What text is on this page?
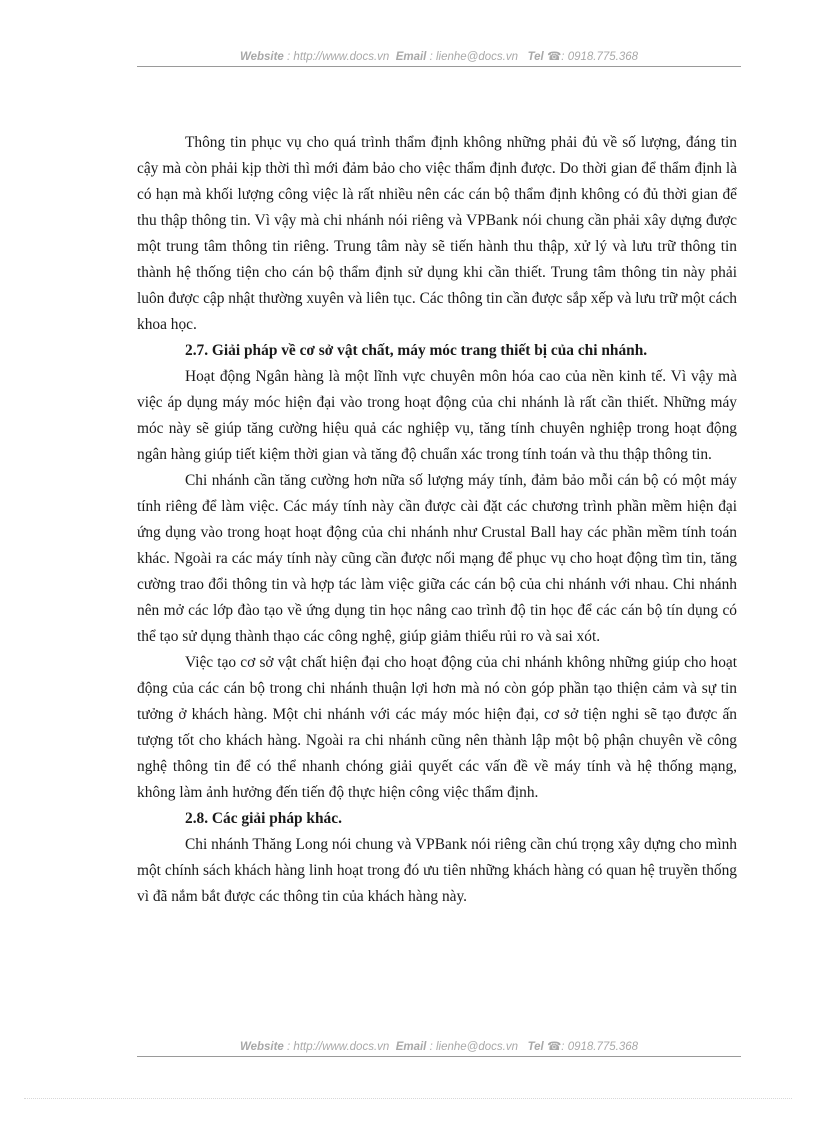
Website : http://www.docs.vn Email : lienhe@docs.vn Tel ☎: 0918.775.368

Thông tin phục vụ cho quá trình thẩm định không những phải đủ về số lượng, đáng tin cậy mà còn phải kịp thời thì mới đảm bảo cho việc thẩm định được. Do thời gian để thẩm định là có hạn mà khối lượng công việc là rất nhiều nên các cán bộ thẩm định không có đủ thời gian để thu thập thông tin. Vì vậy mà chi nhánh nói riêng và VPBank nói chung cần phải xây dựng được một trung tâm thông tin riêng. Trung tâm này sẽ tiến hành thu thập, xử lý và lưu trữ thông tin thành hệ thống tiện cho cán bộ thẩm định sử dụng khi cần thiết. Trung tâm thông tin này phải luôn được cập nhật thường xuyên và liên tục. Các thông tin cần được sắp xếp và lưu trữ một cách khoa học.

2.7. Giải pháp về cơ sở vật chất, máy móc trang thiết bị của chi nhánh.

Hoạt động Ngân hàng là một lĩnh vực chuyên môn hóa cao của nền kinh tế. Vì vậy mà việc áp dụng máy móc hiện đại vào trong hoạt động của chi nhánh là rất cần thiết. Những máy móc này sẽ giúp tăng cường hiệu quả các nghiệp vụ, tăng tính chuyên nghiệp trong hoạt động ngân hàng giúp tiết kiệm thời gian và tăng độ chuẩn xác trong tính toán và thu thập thông tin.

Chi nhánh cần tăng cường hơn nữa số lượng máy tính, đảm bảo mỗi cán bộ có một máy tính riêng để làm việc. Các máy tính này cần được cài đặt các chương trình phần mềm hiện đại ứng dụng vào trong hoạt hoạt động của chi nhánh như Crustal Ball hay các phần mềm tính toán khác. Ngoài ra các máy tính này cũng cần được nối mạng để phục vụ cho hoạt động tìm tin, tăng cường trao đổi thông tin và hợp tác làm việc giữa các cán bộ của chi nhánh với nhau. Chi nhánh nên mở các lớp đào tạo về ứng dụng tin học nâng cao trình độ tin học để các cán bộ tín dụng có thể tạo sử dụng thành thạo các công nghệ, giúp giảm thiểu rủi ro và sai xót.

Việc tạo cơ sở vật chất hiện đại cho hoạt động của chi nhánh không những giúp cho hoạt động của các cán bộ trong chi nhánh thuận lợi hơn mà nó còn góp phần tạo thiện cảm và sự tin tưởng ở khách hàng. Một chi nhánh với các máy móc hiện đại, cơ sở tiện nghi sẽ tạo được ấn tượng tốt cho khách hàng. Ngoài ra chi nhánh cũng nên thành lập một bộ phận chuyên về công nghệ thông tin để có thể nhanh chóng giải quyết các vấn đề về máy tính và hệ thống mạng, không làm ảnh hưởng đến tiến độ thực hiện công việc thẩm định.

2.8. Các giải pháp khác.

Chi nhánh Thăng Long nói chung và VPBank nói riêng cần chú trọng xây dựng cho mình một chính sách khách hàng linh hoạt trong đó ưu tiên những khách hàng có quan hệ truyền thống vì đã nắm bắt được các thông tin của khách hàng này.

Website : http://www.docs.vn Email : lienhe@docs.vn Tel ☎: 0918.775.368
